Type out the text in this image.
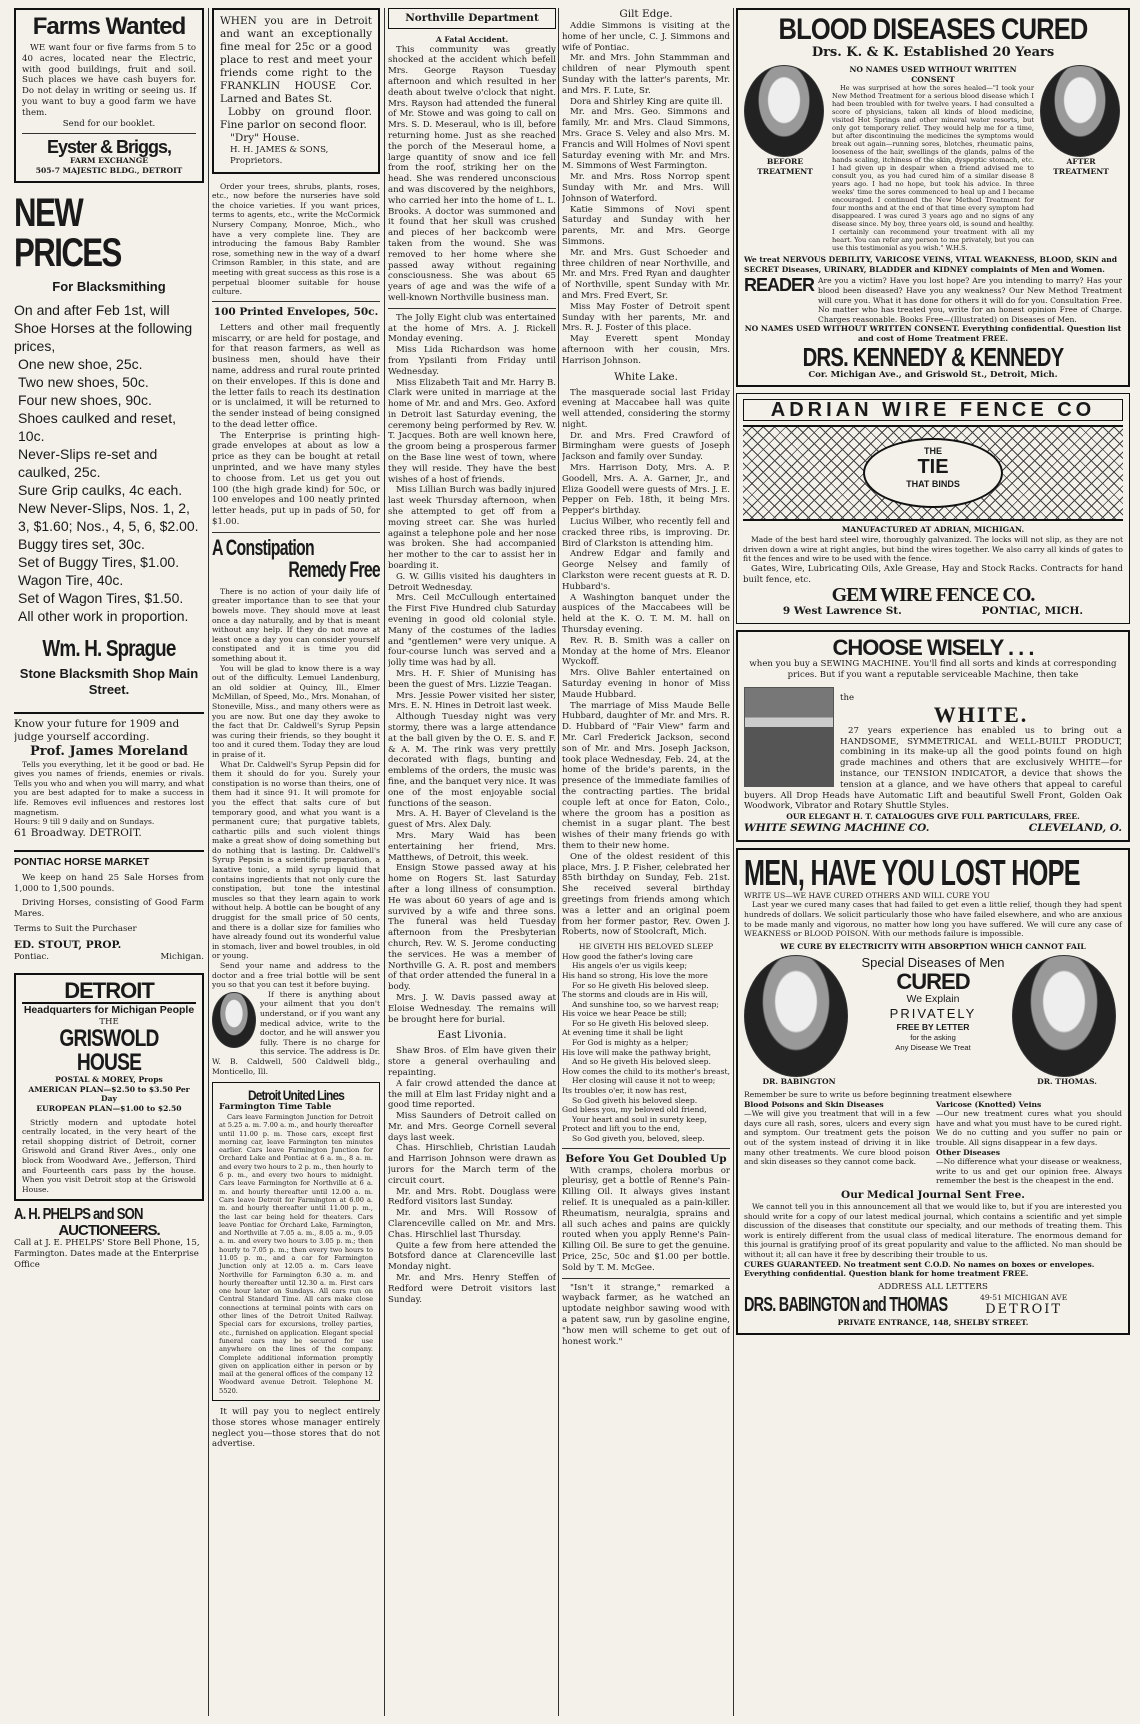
Farms Wanted

WE want four or five farms from 5 to 40 acres, located near the Electric, with good buildings, fruit and soil. Such places we have cash buyers for. Do not delay in writing or seeing us. If you want to buy a good farm we have them.

Send for our booklet.
Eyster & Briggs,
FARM EXCHANGE
505-7 MAJESTIC BLDG., DETROIT
NEW PRICES
For Blacksmithing
On and after Feb 1st, will Shoe Horses at the following prices,
One new shoe, 25c.
Two new shoes, 50c.
Four new shoes, 90c.
Shoes caulked and reset, 10c.
Never-Slips re-set and caulked, 25c.
Sure Grip caulks, 4c each.
New Never-Slips, Nos. 1, 2, 3, $1.60; Nos., 4, 5, 6, $2.00.
Buggy tires set, 30c.
Set of Buggy Tires, $1.00.
Wagon Tire, 40c.
Set of Wagon Tires, $1.50.
All other work in proportion.
Wm. H. Sprague
Stone Blacksmith Shop Main Street.
Know your future for 1909 and judge yourself according.
Prof. James Moreland

Tells you everything, let it be good or bad. He gives you names of friends, enemies or rivals. Tells you who and when you will marry, and what you are best adapted for to make a success in life. Removes evil influences and restores lost magnetism.

Hours: 9 till 9 daily and on Sundays.
61 Broadway. DETROIT.
PONTIAC HORSE MARKET

We keep on hand 25 Sale Horses from 1,000 to 1,500 pounds.

Driving Horses, consisting of Good Farm Mares.

Terms to Suit the Purchaser
ED. STOUT, PROP.
Pontiac.	Michigan.
DETROIT
Headquarters for Michigan People
THE
GRISWOLD HOUSE
POSTAL & MOREY, Props
AMERICAN PLAN—$2.50 to $3.50 Per Day
EUROPEAN PLAN—$1.00 to $2.50

Strictly modern and uptodate hotel centrally located, in the very heart of the retail shopping district of Detroit, corner Griswold and Grand River Aves., only one block from Woodward Ave., Jefferson, Third and Fourteenth cars pass by the house. When you visit Detroit stop at the Griswold House.

A. H. PHELPS and SON
AUCTIONEERS.
Call at J. E. PHELPS' Store Bell Phone, 15, Farmington. Dates made at the Enterprise Office

WHEN you are in Detroit and want an exceptionally fine meal for 25c or a good place to rest and meet your friends come right to the FRANKLIN HOUSE Cor. Larned and Bates St.

Lobby on ground floor. Fine parlor on second floor.

"Dry" House.
H. H. JAMES & SONS, Proprietors.

Order your trees, shrubs, plants, roses, etc., now before the nurseries have sold the choice varieties. If you want prices, terms to agents, etc., write the McCormick Nursery Company, Monroe, Mich., who have a very complete line. They are introducing the famous Baby Rambler rose, something new in the way of a dwarf Crimson Rambler, in this state, and are meeting with great success as this rose is a perpetual bloomer suitable for house culture.

100 Printed Envelopes, 50c.

Letters and other mail frequently miscarry, or are held for postage, and for that reason farmers, as well as business men, should have their name, address and rural route printed on their envelopes. If this is done and the letter fails to reach its destination or is unclaimed, it will be returned to the sender instead of being consigned to the dead letter office.

The Enterprise is printing high-grade envelopes at about as low a price as they can be bought at retail unprinted, and we have many styles to choose from. Let us get you out 100 (the high grade kind) for 50c, or 100 envelopes and 100 neatly printed letter heads, put up in pads of 50, for $1.00.

A Constipation
Remedy Free

There is no action of your daily life of greater importance than to see that your bowels move. They should move at least once a day naturally, and by that is meant without any help. If they do not move at least once a day you can consider yourself constipated and it is time you did something about it.

You will be glad to know there is a way out of the difficulty. Lemuel Landenburg, an old soldier at Quincy, Ill., Elmer McMillan, of Speed, Mo., Mrs. Monahan, of Stoneville, Miss., and many others were as you are now. But one day they awoke to the fact that Dr. Caldwell's Syrup Pepsin was curing their friends, so they bought it too and it cured them. Today they are loud in praise of it.

What Dr. Caldwell's Syrup Pepsin did for them it should do for you. Surely your constipation is no worse than theirs, one of them had it since 91. It will promote for you the effect that salts cure of but temporary good, and what you want is a permanent cure; that purgative tablets, cathartic pills and such violent things make a great show of doing something but do nothing that is lasting. Dr. Caldwell's Syrup Pepsin is a scientific preparation, a laxative tonic, a mild syrup liquid that contains ingredients that not only cure the constipation, but tone the intestinal muscles so that they learn again to work without help. A bottle can be bought of any druggist for the small price of 50 cents, and there is a dollar size for families who have already found out its wonderful value in stomach, liver and bowel troubles, in old or young.

Send your name and address to the doctor and a free trial bottle will be sent you so that you can test it before buying.

If there is anything about your ailment that you don't understand, or if you want any medical advice, write to the doctor, and he will answer you fully. There is no charge for this service. The address is Dr. W. B. Caldwell, 500 Caldwell bldg., Monticello, Ill.

Detroit United Lines
Farmington Time Table

Cars leave Farmington Junction for Detroit at 5.25 a. m. 7.00 a. m., and hourly thereafter until 11.00 p. m. Those cars, except first morning car, leave Farmington ten minutes earlier. Cars leave Farmington Junction for Orchard Lake and Pontiac at 6 a. m., 8 a. m. and every two hours to 2 p. m., then hourly to 6 p. m., and every two hours to midnight. Cars leave Farmington for Northville at 6 a. m. and hourly thereafter until 12.00 a. m. Cars leave Detroit for Farmington at 6.00 a. m. and hourly thereafter until 11.00 p. m., the last car being held for theaters. Cars leave Pontiac for Orchard Lake, Farmington, and Northville at 7.05 a. m., 8.05 a. m., 9.05 a. m. and every two hours to 3.05 p. m.; then hourly to 7.05 p. m.; then every two hours to 11.05 p. m., and a car for Farmington Junction only at 12.05 a. m. Cars leave Northville for Farmington 6.30 a. m. and hourly thereafter until 12.30 a. m. First cars one hour later on Sundays. All cars run on Central Standard Time. All cars make close connections at terminal points with cars on other lines of the Detroit United Railway. Special cars for excursions, trolley parties, etc., furnished on application. Elegant special funeral cars may be secured for use anywhere on the lines of the company. Complete additional information promptly given on application either in person or by mail at the general offices of the company 12 Woodward avenue Detroit. Telephone M. 5520.

It will pay you to neglect entirely those stores whose manager entirely neglect you—those stores that do not advertise.

Northville Department
A Fatal Accident.

This community was greatly shocked at the accident which befell Mrs. George Rayson Tuesday afternoon and which resulted in her death about twelve o'clock that night. Mrs. Rayson had attended the funeral of Mr. Stowe and was going to call on Mrs. S. D. Meseraul, who is ill, before returning home. Just as she reached the porch of the Meseraul home, a large quantity of snow and ice fell from the roof, striking her on the head. She was rendered unconscious and was discovered by the neighbors, who carried her into the home of L. L. Brooks. A doctor was summoned and it found that her skull was crushed and pieces of her backcomb were taken from the wound. She was removed to her home where she passed away without regaining consciousness. She was about 65 years of age and was the wife of a well-known Northville business man.

The Jolly Eight club was entertained at the home of Mrs. A. J. Rickell Monday evening.

Miss Lida Richardson was home from Ypsilanti from Friday until Wednesday.

Miss Elizabeth Tait and Mr. Harry B. Clark were united in marriage at the home of Mr. and and Mrs. Geo. Axford in Detroit last Saturday evening, the ceremony being performed by Rev. W. T. Jacques. Both are well known here, the groom being a prosperous farmer on the Base line west of town, where they will reside. They have the best wishes of a host of friends.

Miss Lillian Burch was badly injured last week Thursday afternoon, when she attempted to get off from a moving street car. She was hurled against a telephone pole and her nose was broken. She had accompanied her mother to the car to assist her in boarding it.

G. W. Gillis visited his daughters in Detroit Wednesday.

Mrs. Ceil McCullough entertained the First Five Hundred club Saturday evening in good old colonial style. Many of the costumes of the ladies and "gentlemen" were very unique. A four-course lunch was served and a jolly time was had by all.

Mrs. H. F. Shier of Munising has been the guest of Mrs. Lizzie Teagan.

Mrs. Jessie Power visited her sister, Mrs. E. N. Hines in Detroit last week.

Although Tuesday night was very stormy, there was a large attendance at the ball given by the O. E. S. and F. & A. M. The rink was very prettily decorated with flags, bunting and emblems of the orders, the music was fine, and the banquet very nice. It was one of the most enjoyable social functions of the season.

Mrs. A. H. Bayer of Cleveland is the guest of Mrs. Alex Daly.

Mrs. Mary Waid has been entertaining her friend, Mrs. Matthews, of Detroit, this week.

Ensign Stowe passed away at his home on Rogers St. last Saturday after a long illness of consumption. He was about 60 years of age and is survived by a wife and three sons. The funeral was held Tuesday afternoon from the Presbyterian church, Rev. W. S. Jerome conducting the services. He was a member of Northville G. A. R. post and members of that order attended the funeral in a body.

Mrs. J. W. Davis passed away at Eloise Wednesday. The remains will be brought here for burial.

East Livonia.

Shaw Bros. of Elm have given their store a general overhauling and repainting.

A fair crowd attended the dance at the mill at Elm last Friday night and a good time reported.

Miss Saunders of Detroit called on Mr. and Mrs. George Cornell several days last week.

Chas. Hirschlieb, Christian Laudah and Harrison Johnson were drawn as jurors for the March term of the circuit court.

Mr. and Mrs. Robt. Douglass were Redford visitors last Sunday.

Mr. and Mrs. Will Rossow of Clarenceville called on Mr. and Mrs. Chas. Hirschliel last Thursday.

Quite a few from here attended the Botsford dance at Clarenceville last Monday night.

Mr. and Mrs. Henry Steffen of Redford were Detroit visitors last Sunday.

Gilt Edge.

Addie Simmons is visiting at the home of her uncle, C. J. Simmons and wife of Pontiac.

Mr. and Mrs. John Stammman and children of near Plymouth spent Sunday with the latter's parents, Mr. and Mrs. F. Lute, Sr.

Dora and Shirley King are quite ill.

Mr. and Mrs. Geo. Simmons and family, Mr. and Mrs. Claud Simmons, Mrs. Grace S. Veley and also Mrs. M. Francis and Will Holmes of Novi spent Saturday evening with Mr. and Mrs. M. Simmons of West Farmington.

Mr. and Mrs. Ross Norrop spent Sunday with Mr. and Mrs. Will Johnson of Waterford.

Katie Simmons of Novi spent Saturday and Sunday with her parents, Mr. and Mrs. George Simmons.

Mr. and Mrs. Gust Schoeder and three children of near Northville, and Mr. and Mrs. Fred Ryan and daughter of Northville, spent Sunday with Mr. and Mrs. Fred Evert, Sr.

Miss May Foster of Detroit spent Sunday with her parents, Mr. and Mrs. R. J. Foster of this place.

May Everett spent Monday afternoon with her cousin, Mrs. Harrison Johnson.

White Lake.

The masquerade social last Friday evening at Maccabee hall was quite well attended, considering the stormy night.

Dr. and Mrs. Fred Crawford of Birmingham were guests of Joseph Jackson and family over Sunday.

Mrs. Harrison Doty, Mrs. A. P. Goodell, Mrs. A. A. Garner, Jr., and Eliza Goodell were guests of Mrs. J. E. Pepper on Feb. 18th, it being Mrs. Pepper's birthday.

Lucius Wilber, who recently fell and cracked three ribs, is improving. Dr. Bird of Clarkston is attending him.

Andrew Edgar and family and George Nelsey and family of Clarkston were recent guests at R. D. Hubbard's.

A Washington banquet under the auspices of the Maccabees will be held at the K. O. T. M. M. hall on Thursday evening.

Rev. R. B. Smith was a caller on Monday at the home of Mrs. Eleanor Wyckoff.

Mrs. Olive Bahler entertained on Saturday evening in honor of Miss Maude Hubbard.

The marriage of Miss Maude Belle Hubbard, daughter of Mr. and Mrs. R. D. Hubbard of "Fair View" farm and Mr. Carl Frederick Jackson, second son of Mr. and Mrs. Joseph Jackson, took place Wednesday, Feb. 24, at the home of the bride's parents, in the presence of the immediate families of the contracting parties. The bridal couple left at once for Eaton, Colo., where the groom has a position as chemist in a sugar plant. The best wishes of their many friends go with them to their new home.

One of the oldest resident of this place, Mrs. J. P. Fisher, celebrated her 85th birthday on Sunday, Feb. 21st. She received several birthday greetings from friends among which was a letter and an original poem from her former pastor, Rev. Owen J. Roberts, now of Stoolcraft, Mich.

HE GIVETH HIS BELOVED SLEEP
How good the father's loving care
His angels o'er us vigils keep;
His hand so strong, His love the more
For so He giveth His beloved sleep.
The storms and clouds are in His will,
And sunshine too, so we harvest reap;
His voice we hear Peace be still;
For so He giveth His beloved sleep.
At evening time it shall be light
For God is mighty as a helper;
His love will make the pathway bright,
And so He giveth His beloved sleep.
How comes the child to its mother's breast,
Her closing will cause it not to weep;
Its troubles o'er, it now has rest,
So God giveth his beloved sleep.
God bless you, my beloved old friend,
Your heart and soul in surety keep,
Protect and lift you to the end,
So God giveth you, beloved, sleep.
Before You Get Doubled Up

With cramps, cholera morbus or pleurisy, get a bottle of Renne's Pain-Killing Oil. It always gives instant relief. It is unequaled as a pain-killer. Rheumatism, neuralgia, sprains and all such aches and pains are quickly routed when you apply Renne's Pain-Killing Oil. Be sure to get the genuine. Price, 25c, 50c and $1.00 per bottle. Sold by T. M. McGee.

"Isn't it strange," remarked a wayback farmer, as he watched an uptodate neighbor sawing wood with a patent saw, run by gasoline engine, "how men will scheme to get out of honest work."

BLOOD DISEASES CURED
Drs. K. & K. Established 20 Years
BEFORE TREATMENT
NO NAMES USED WITHOUT WRITTEN CONSENT

He was surprised at how the sores healed—"I took your New Method Treatment for a serious blood disease which I had been troubled with for twelve years. I had consulted a score of physicians, taken all kinds of blood medicine, visited Hot Springs and other mineral water resorts, but only got temporary relief. They would help me for a time, but after discontinuing the medicines the symptoms would break out again—running sores, blotches, rheumatic pains, looseness of the hair, swellings of the glands, palms of the hands scaling, itchiness of the skin, dyspeptic stomach, etc. I had given up in despair when a friend advised me to consult you, as you had cured him of a similar disease 8 years ago. I had no hope, but took his advice. In three weeks' time the sores commenced to heal up and I became encouraged. I continued the New Method Treatment for four months and at the end of that time every symptom had disappeared. I was cured 3 years ago and no signs of any disease since. My boy, three years old, is sound and healthy. I certainly can recommend your treatment with all my heart. You can refer any person to me privately, but you can use this testimonial as you wish." W.H.S.

AFTER TREATMENT
We treat NERVOUS DEBILITY, VARICOSE VEINS, VITAL WEAKNESS, BLOOD, SKIN and SECRET Diseases, URINARY, BLADDER and KIDNEY complaints of Men and Women.
READER Are you a victim? Have you lost hope? Are you intending to marry? Has your blood been diseased? Have you any weakness? Our New Method Treatment will cure you. What it has done for others it will do for you. Consultation Free. No matter who has treated you, write for an honest opinion Free of Charge. Charges reasonable. Books Free—(Illustrated) on Diseases of Men.

NO NAMES USED WITHOUT WRITTEN CONSENT. Everything confidential. Question list and cost of Home Treatment FREE.
DRS. KENNEDY & KENNEDY
Cor. Michigan Ave., and Griswold St., Detroit, Mich.
ADRIAN WIRE FENCE CO
THE
TIE
THAT BINDS
MANUFACTURED AT ADRIAN, MICHIGAN.

Made of the best hard steel wire, thoroughly galvanized. The locks will not slip, as they are not driven down a wire at right angles, but bind the wires together. We also carry all kinds of gates to fit the fences and wire to be used with the fence.

Gates, Wire, Lubricating Oils, Axle Grease, Hay and Stock Racks. Contracts for hand built fence, etc.

GEM WIRE FENCE CO.
9 West Lawrence St.	PONTIAC, MICH.
CHOOSE WISELY . . .
when you buy a SEWING MACHINE. You'll find all sorts and kinds at corresponding prices. But if you want a reputable serviceable Machine, then take
the
WHITE.

27 years experience has enabled us to bring out a HANDSOME, SYMMETRICAL and WELL-BUILT PRODUCT, combining in its make-up all the good points found on high grade machines and others that are exclusively WHITE—for instance, our TENSION INDICATOR, a device that shows the tension at a glance, and we have others that appeal to careful buyers. All Drop Heads have Automatic Lift and beautiful Swell Front, Golden Oak Woodwork, Vibrator and Rotary Shuttle Styles.

OUR ELEGANT H. T. CATALOGUES GIVE FULL PARTICULARS, FREE.
WHITE SEWING MACHINE CO.	CLEVELAND, O.
MEN, HAVE YOU LOST HOPE
WRITE US—WE HAVE CURED OTHERS AND WILL CURE YOU

Last year we cured many cases that had failed to get even a little relief, though they had spent hundreds of dollars. We solicit particularly those who have failed elsewhere, and who are anxious to be made manly and vigorous, no matter how long you have suffered. We will cure any case of WEAKNESS or BLOOD POISON. With our methods failure is impossible.

WE CURE BY ELECTRICITY WITH ABSORPTION WHICH CANNOT FAIL
DR. BABINGTON
Special Diseases of Men
CURED
We Explain
PRIVATELY
FREE BY LETTER
for the asking
Any Disease We Treat
DR. THOMAS.
Remember be sure to write us before beginning treatment elsewhere
Blood Poisons and Skin Diseases

—We will give you treatment that will in a few days cure all rash, sores, ulcers and every sign and symptom. Our treatment gets the poison out of the system instead of driving it in like many other treatments. We cure blood poison and skin diseases so they cannot come back.

Varicose (Knotted) Veins

—Our new treatment cures what you should have and what you must have to be cured right. We do no cutting and you suffer no pain or trouble. All signs disappear in a few days.

Other Diseases

—No difference what your disease or weakness, write to us and get our opinion free. Always remember the best is the cheapest in the end.

Our Medical Journal Sent Free.

We cannot tell you in this announcement all that we would like to, but if you are interested you should write for a copy of our latest medical journal, which contains a scientific and yet simple discussion of the diseases that constitute our specialty, and our methods of treating them. This work is entirely different from the usual class of medical literature. The enormous demand for this journal is gratifying proof of its great popularity and value to the afflicted. No man should be without it; all can have it free by describing their trouble to us.

CURES GUARANTEED. No treatment sent C.O.D. No names on boxes or envelopes. Everything confidential. Question blank for home treatment FREE.
ADDRESS ALL LETTERS
DRS. BABINGTON and THOMAS	49-51 MICHIGAN AVE
DETROIT
PRIVATE ENTRANCE, 148, SHELBY STREET.
